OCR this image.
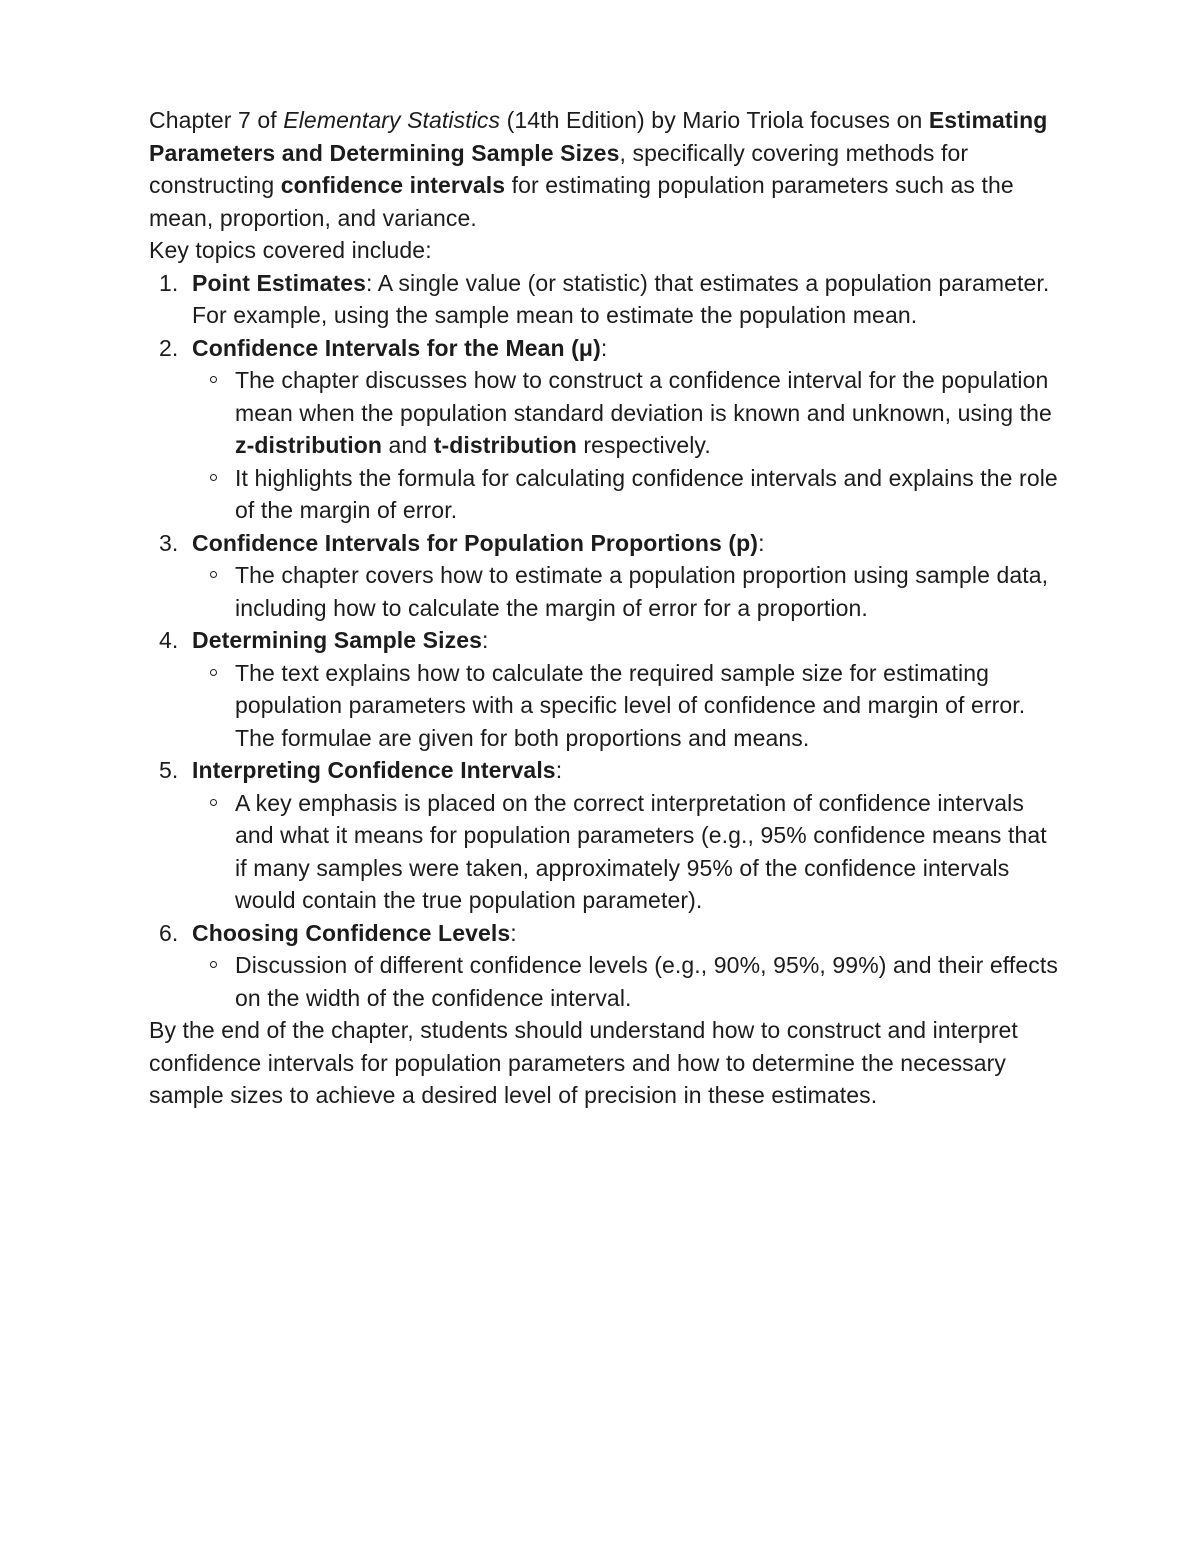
Chapter 7 of Elementary Statistics (14th Edition) by Mario Triola focuses on Estimating Parameters and Determining Sample Sizes, specifically covering methods for constructing confidence intervals for estimating population parameters such as the mean, proportion, and variance.

Key topics covered include:

1. Point Estimates: A single value (or statistic) that estimates a population parameter. For example, using the sample mean to estimate the population mean.
2. Confidence Intervals for the Mean (μ):
The chapter discusses how to construct a confidence interval for the population mean when the population standard deviation is known and unknown, using the z-distribution and t-distribution respectively.
It highlights the formula for calculating confidence intervals and explains the role of the margin of error.
3. Confidence Intervals for Population Proportions (p):
The chapter covers how to estimate a population proportion using sample data, including how to calculate the margin of error for a proportion.
4. Determining Sample Sizes:
The text explains how to calculate the required sample size for estimating population parameters with a specific level of confidence and margin of error. The formulae are given for both proportions and means.
5. Interpreting Confidence Intervals:
A key emphasis is placed on the correct interpretation of confidence intervals and what it means for population parameters (e.g., 95% confidence means that if many samples were taken, approximately 95% of the confidence intervals would contain the true population parameter).
6. Choosing Confidence Levels:
Discussion of different confidence levels (e.g., 90%, 95%, 99%) and their effects on the width of the confidence interval.

By the end of the chapter, students should understand how to construct and interpret confidence intervals for population parameters and how to determine the necessary sample sizes to achieve a desired level of precision in these estimates.
